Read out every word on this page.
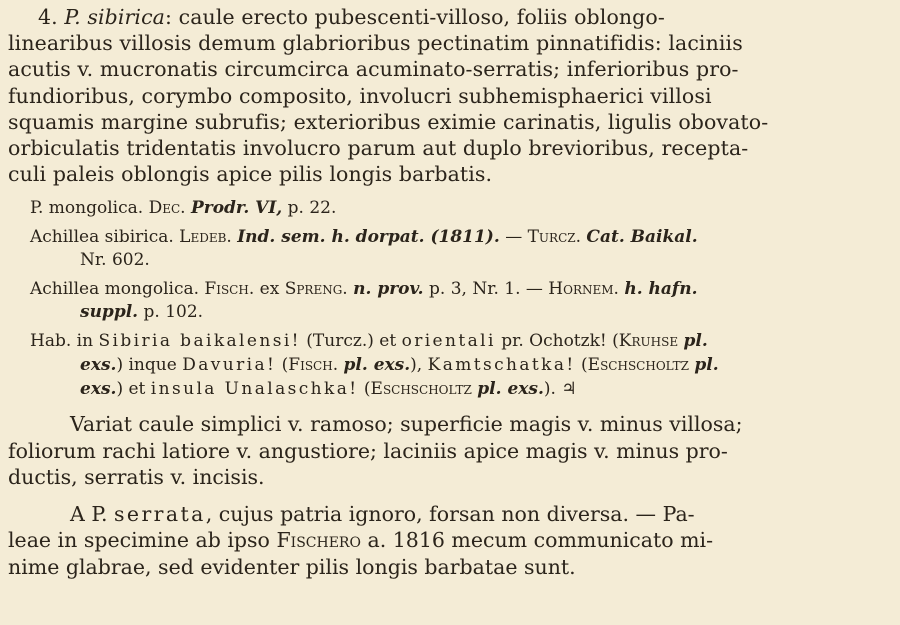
4. P. sibirica: caule erecto pubescenti-villoso, foliis oblongo-
linearibus villosis demum glabrioribus pectinatim pinnatifidis: laciniis
acutis v. mucronatis circumcirca acuminato-serratis; inferioribus pro-
fundioribus, corymbo composito, involucri subhemisphaerici villosi
squamis margine subrufis; exterioribus eximie carinatis, ligulis obovato-
orbiculatis tridentatis involucro parum aut duplo brevioribus, recepta-
culi paleis oblongis apice pilis longis barbatis.

P. mongolica. Dec. Prodr. VI, p. 22.

Achillea sibirica. Ledeb. Ind. sem. h. dorpat. (1811). — Turcz. Cat. Baikal.
Nr. 602.

Achillea mongolica. Fisch. ex Spreng. n. prov. p. 3, Nr. 1. — Hornem. h. hafn.
suppl. p. 102.

Hab. in Sibiria baikalensi! (Turcz.) et orientali pr. Ochotzk! (Kruhse pl.
exs.) inque Davuria! (Fisch. pl. exs.), Kamtschatka! (Eschscholtz pl.
exs.) et insula Unalaschka! (Eschscholtz pl. exs.). ♃

Variat caule simplici v. ramoso; superficie magis v. minus villosa;
foliorum rachi latiore v. angustiore; laciniis apice magis v. minus pro-
ductis, serratis v. incisis.

A P. serrata, cujus patria ignoro, forsan non diversa. — Pa-
leae in specimine ab ipso Fischero a. 1816 mecum communicato mi-
nime glabrae, sed evidenter pilis longis barbatae sunt.
